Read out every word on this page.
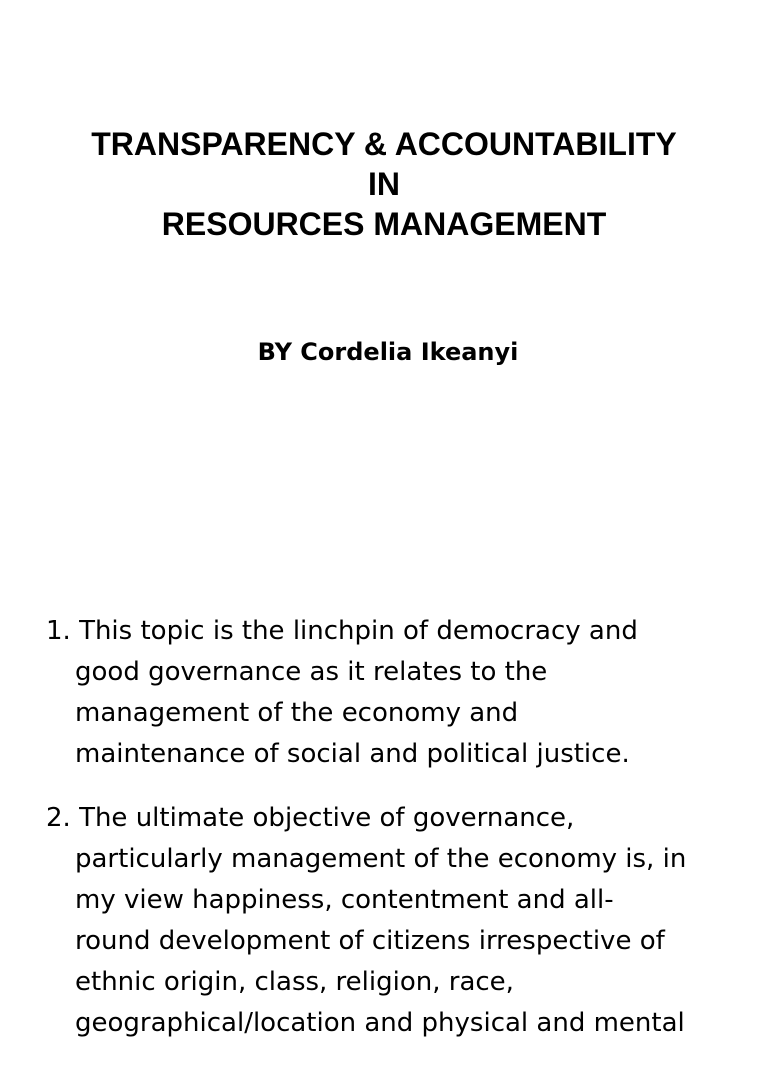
TRANSPARENCY & ACCOUNTABILITY
IN
RESOURCES MANAGEMENT
BY Cordelia Ikeanyi
1. This topic is the linchpin of democracy and
good governance as it relates to the
management of the economy and
maintenance of social and political justice.
2. The ultimate objective of governance,
particularly management of the economy is, in
my view happiness, contentment and all-
round development of citizens irrespective of
ethnic origin, class, religion, race,
geographical/location and physical and mental
